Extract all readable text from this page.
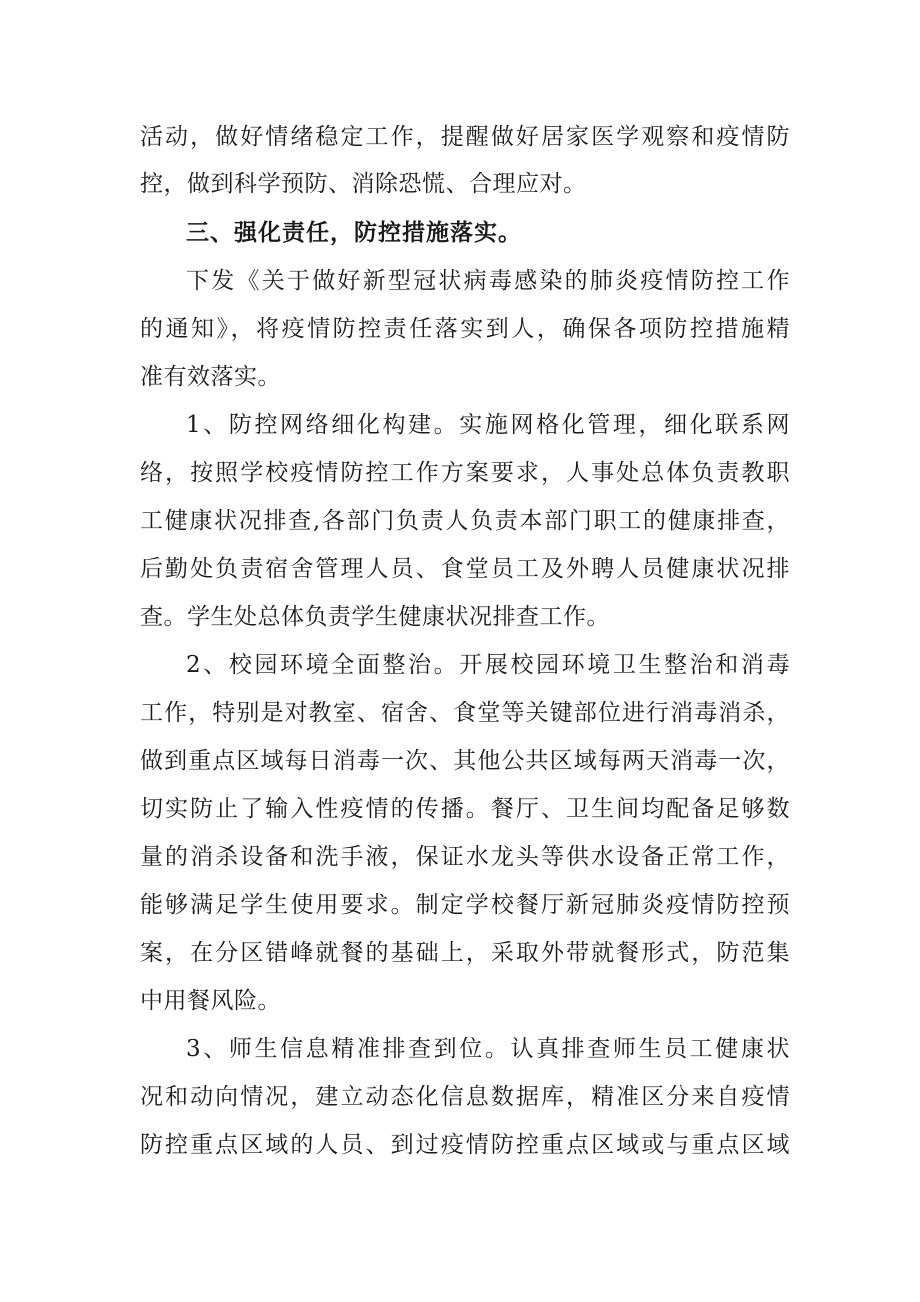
活动，做好情绪稳定工作，提醒做好居家医学观察和疫情防
控，做到科学预防、消除恐慌、合理应对。
三、强化责任，防控措施落实。
下发《关于做好新型冠状病毒感染的肺炎疫情防控工作
的通知》，将疫情防控责任落实到人，确保各项防控措施精
准有效落实。
1、防控网络细化构建。实施网格化管理，细化联系网
络，按照学校疫情防控工作方案要求，人事处总体负责教职
工健康状况排查,各部门负责人负责本部门职工的健康排查，
后勤处负责宿舍管理人员、食堂员工及外聘人员健康状况排
查。学生处总体负责学生健康状况排查工作。
2、校园环境全面整治。开展校园环境卫生整治和消毒
工作，特别是对教室、宿舍、食堂等关键部位进行消毒消杀，
做到重点区域每日消毒一次、其他公共区域每两天消毒一次，
切实防止了输入性疫情的传播。餐厅、卫生间均配备足够数
量的消杀设备和洗手液，保证水龙头等供水设备正常工作，
能够满足学生使用要求。制定学校餐厅新冠肺炎疫情防控预
案，在分区错峰就餐的基础上，采取外带就餐形式，防范集
中用餐风险。
3、师生信息精准排查到位。认真排查师生员工健康状
况和动向情况，建立动态化信息数据库，精准区分来自疫情
防控重点区域的人员、到过疫情防控重点区域或与重点区域
